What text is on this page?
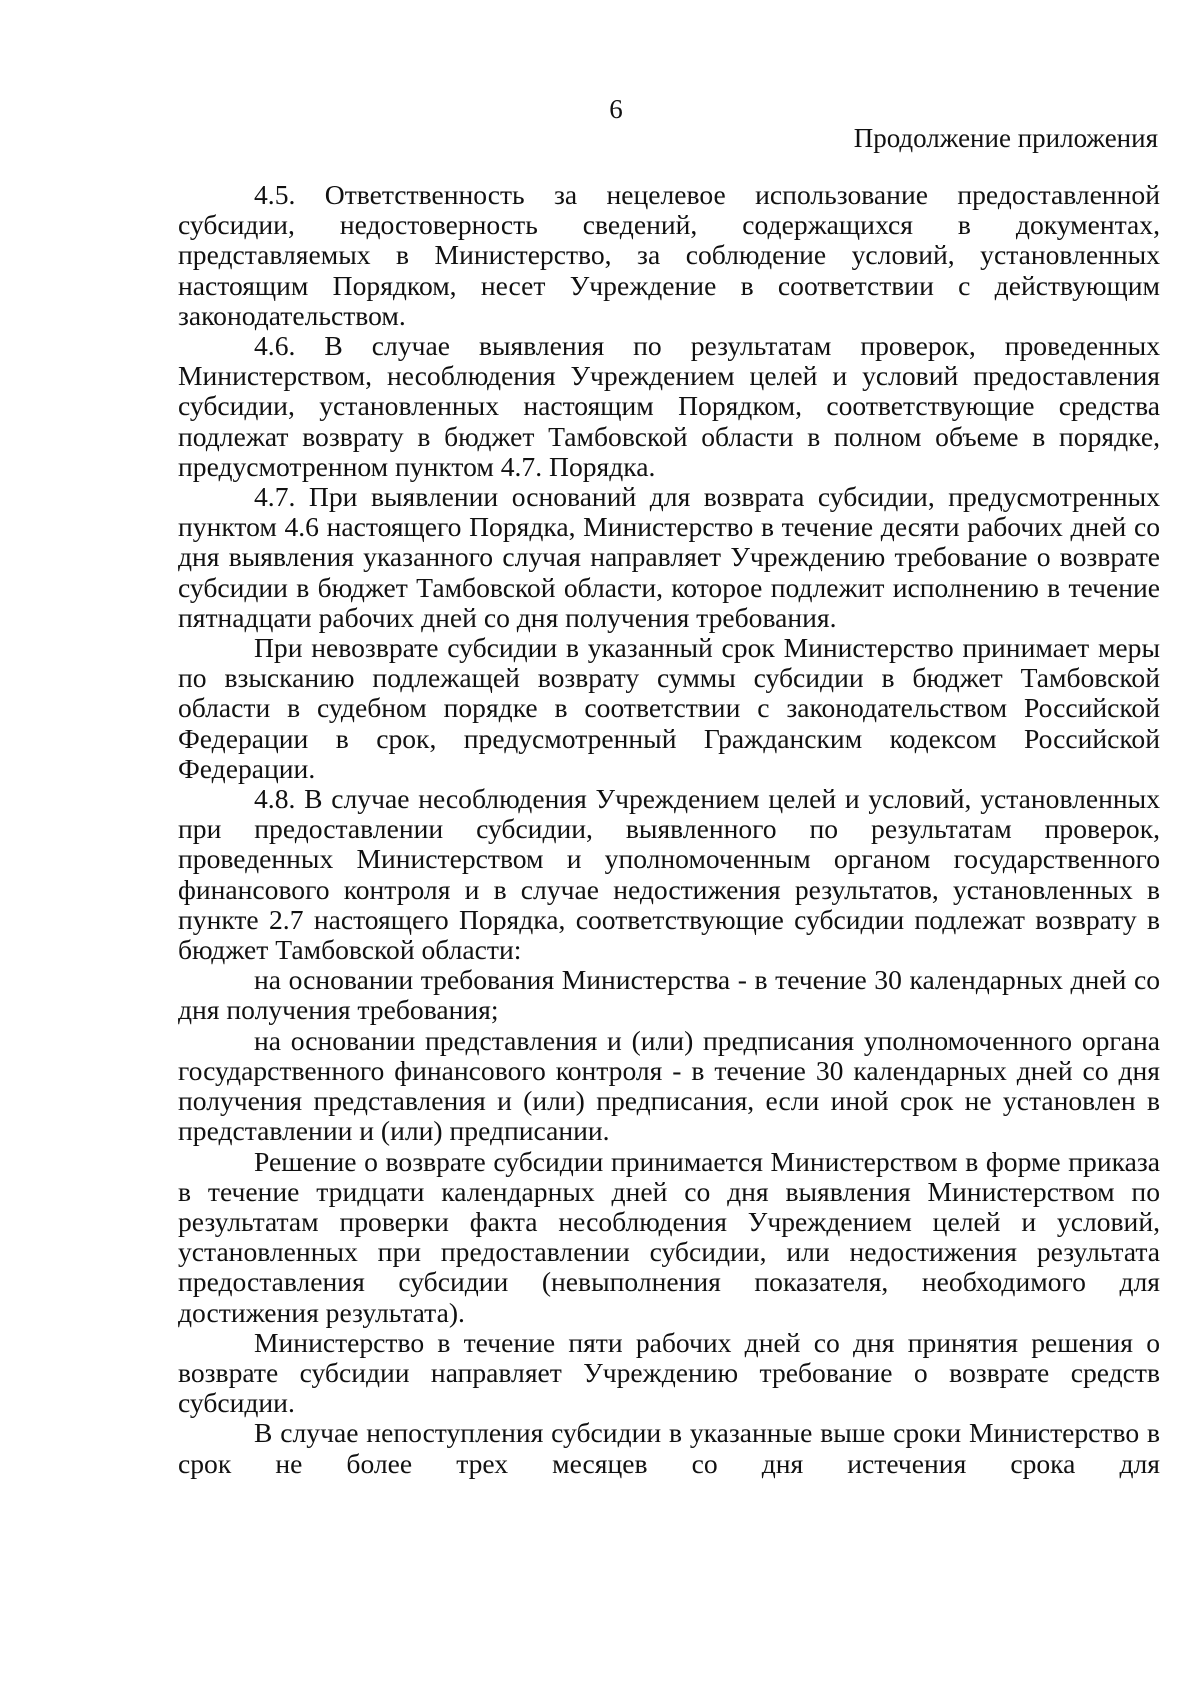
6
Продолжение приложения

4.5. Ответственность за нецелевое использование предоставленной субсидии, недостоверность сведений, содержащихся в документах, представляемых в Министерство, за соблюдение условий, установленных настоящим Порядком, несет Учреждение в соответствии с действующим законодательством.

4.6. В случае выявления по результатам проверок, проведенных Министерством, несоблюдения Учреждением целей и условий предоставления субсидии, установленных настоящим Порядком, соответствующие средства подлежат возврату в бюджет Тамбовской области в полном объеме в порядке, предусмотренном пунктом 4.7. Порядка.

4.7. При выявлении оснований для возврата субсидии, предусмотренных пунктом 4.6 настоящего Порядка, Министерство в течение десяти рабочих дней со дня выявления указанного случая направляет Учреждению требование о возврате субсидии в бюджет Тамбовской области, которое подлежит исполнению в течение пятнадцати рабочих дней со дня получения требования.

При невозврате субсидии в указанный срок Министерство принимает меры по взысканию подлежащей возврату суммы субсидии в бюджет Тамбовской области в судебном порядке в соответствии с законодательством Российской Федерации в срок, предусмотренный Гражданским кодексом Российской Федерации.

4.8. В случае несоблюдения Учреждением целей и условий, установленных при предоставлении субсидии, выявленного по результатам проверок, проведенных Министерством и уполномоченным органом государственного финансового контроля и в случае недостижения результатов, установленных в пункте 2.7 настоящего Порядка, соответствующие субсидии подлежат возврату в бюджет Тамбовской области:

на основании требования Министерства - в течение 30 календарных дней со дня получения требования;

на основании представления и (или) предписания уполномоченного органа государственного финансового контроля - в течение 30 календарных дней со дня получения представления и (или) предписания, если иной срок не установлен в представлении и (или) предписании.

Решение о возврате субсидии принимается Министерством в форме приказа в течение тридцати календарных дней со дня выявления Министерством по результатам проверки факта несоблюдения Учреждением целей и условий, установленных при предоставлении субсидии, или недостижения результата предоставления субсидии (невыполнения показателя, необходимого для достижения результата).

Министерство в течение пяти рабочих дней со дня принятия решения о возврате субсидии направляет Учреждению требование о возврате средств субсидии.

В случае непоступления субсидии в указанные выше сроки Министерство в срок не более трех месяцев со дня истечения срока для
